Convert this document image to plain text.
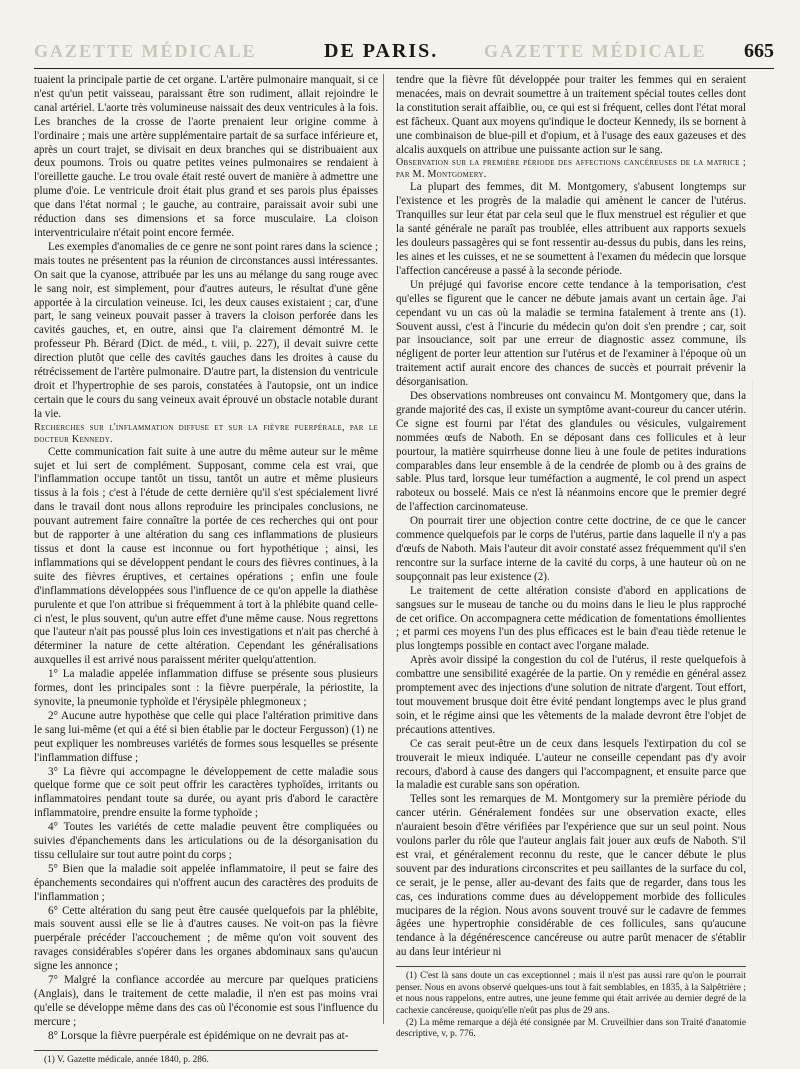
GAZETTE MÉDICALE	GAZETTE MÉDICALE
DE PARIS.	665

tuaient la principale partie de cet organe. L'artère pulmonaire manquait, si ce n'est qu'un petit vaisseau, paraissant être son rudiment, allait rejoindre le canal artériel. L'aorte très volumineuse naissait des deux ventricules à la fois. Les branches de la crosse de l'aorte prenaient leur origine comme à l'ordinaire ; mais une artère supplémentaire partait de sa surface inférieure et, après un court trajet, se divisait en deux branches qui se distribuaient aux deux poumons. Trois ou quatre petites veines pulmonaires se rendaient à l'oreillette gauche. Le trou ovale était resté ouvert de manière à admettre une plume d'oie. Le ventricule droit était plus grand et ses parois plus épaisses que dans l'état normal ; le gauche, au contraire, paraissait avoir subi une réduction dans ses dimensions et sa force musculaire. La cloison interventriculaire n'était point encore fermée.

Les exemples d'anomalies de ce genre ne sont point rares dans la science ; mais toutes ne présentent pas la réunion de circonstances aussi intéressantes. On sait que la cyanose, attribuée par les uns au mélange du sang rouge avec le sang noir, est simplement, pour d'autres auteurs, le résultat d'une gêne apportée à la circulation veineuse. Ici, les deux causes existaient ; car, d'une part, le sang veineux pouvait passer à travers la cloison perforée dans les cavités gauches, et, en outre, ainsi que l'a clairement démontré M. le professeur Ph. Bérard (Dict. de méd., t. viii, p. 227), il devait suivre cette direction plutôt que celle des cavités gauches dans les droites à cause du rétrécissement de l'artère pulmonaire. D'autre part, la distension du ventricule droit et l'hypertrophie de ses parois, constatées à l'autopsie, ont un indice certain que le cours du sang veineux avait éprouvé un obstacle notable durant la vie.

Recherches sur l'inflammation diffuse et sur la fièvre puerpérale, par le docteur Kennedy.

Cette communication fait suite à une autre du même auteur sur le même sujet et lui sert de complément. Supposant, comme cela est vrai, que l'inflammation occupe tantôt un tissu, tantôt un autre et même plusieurs tissus à la fois ; c'est à l'étude de cette dernière qu'il s'est spécialement livré dans le travail dont nous allons reproduire les principales conclusions, ne pouvant autrement faire connaître la portée de ces recherches qui ont pour but de rapporter à une altération du sang ces inflammations de plusieurs tissus et dont la cause est inconnue ou fort hypothétique ; ainsi, les inflammations qui se développent pendant le cours des fièvres continues, à la suite des fièvres éruptives, et certaines opérations ; enfin une foule d'inflammations développées sous l'influence de ce qu'on appelle la diathèse purulente et que l'on attribue si fréquemment à tort à la phlébite quand celle-ci n'est, le plus souvent, qu'un autre effet d'une même cause. Nous regrettons que l'auteur n'ait pas poussé plus loin ces investigations et n'ait pas cherché à déterminer la nature de cette altération. Cependant les généralisations auxquelles il est arrivé nous paraissent mériter quelqu'attention.

1° La maladie appelée inflammation diffuse se présente sous plusieurs formes, dont les principales sont : la fièvre puerpérale, la périostite, la synovite, la pneumonie typhoïde et l'érysipèle phlegmoneux ;

2° Aucune autre hypothèse que celle qui place l'altération primitive dans le sang lui-même (et qui a été si bien établie par le docteur Fergusson) (1) ne peut expliquer les nombreuses variétés de formes sous lesquelles se présente l'inflammation diffuse ;

3° La fièvre qui accompagne le développement de cette maladie sous quelque forme que ce soit peut offrir les caractères typhoïdes, irritants ou inflammatoires pendant toute sa durée, ou ayant pris d'abord le caractère inflammatoire, prendre ensuite la forme typhoïde ;

4° Toutes les variétés de cette maladie peuvent être compliquées ou suivies d'épanchements dans les articulations ou de la désorganisation du tissu cellulaire sur tout autre point du corps ;

5° Bien que la maladie soit appelée inflammatoire, il peut se faire des épanchements secondaires qui n'offrent aucun des caractères des produits de l'inflammation ;

6° Cette altération du sang peut être causée quelquefois par la phlébite, mais souvent aussi elle se lie à d'autres causes. Ne voit-on pas la fièvre puerpérale précéder l'accouchement ; de même qu'on voit souvent des ravages considérables s'opérer dans les organes abdominaux sans qu'aucun signe les annonce ;

7° Malgré la confiance accordée au mercure par quelques praticiens (Anglais), dans le traitement de cette maladie, il n'en est pas moins vrai qu'elle se développe même dans des cas où l'économie est sous l'influence du mercure ;

8° Lorsque la fièvre puerpérale est épidémique on ne devrait pas at-

(1) V. Gazette médicale, année 1840, p. 286.

tendre que la fièvre fût développée pour traiter les femmes qui en seraient menacées, mais on devrait soumettre à un traitement spécial toutes celles dont la constitution serait affaiblie, ou, ce qui est si fréquent, celles dont l'état moral est fâcheux. Quant aux moyens qu'indique le docteur Kennedy, ils se bornent à une combinaison de blue-pill et d'opium, et à l'usage des eaux gazeuses et des alcalis auxquels on attribue une puissante action sur le sang.

Observation sur la première période des affections cancéreuses de la matrice ; par M. Montgomery.

La plupart des femmes, dit M. Montgomery, s'abusent longtemps sur l'existence et les progrès de la maladie qui amènent le cancer de l'utérus. Tranquilles sur leur état par cela seul que le flux menstruel est régulier et que la santé générale ne paraît pas troublée, elles attribuent aux rapports sexuels les douleurs passagères qui se font ressentir au-dessus du pubis, dans les reins, les aines et les cuisses, et ne se soumettent à l'examen du médecin que lorsque l'affection cancéreuse a passé à la seconde période.

Un préjugé qui favorise encore cette tendance à la temporisation, c'est qu'elles se figurent que le cancer ne débute jamais avant un certain âge. J'ai cependant vu un cas où la maladie se termina fatalement à trente ans (1). Souvent aussi, c'est à l'incurie du médecin qu'on doit s'en prendre ; car, soit par insouciance, soit par une erreur de diagnostic assez commune, ils négligent de porter leur attention sur l'utérus et de l'examiner à l'époque où un traitement actif aurait encore des chances de succès et pourrait prévenir la désorganisation.

Des observations nombreuses ont convaincu M. Montgomery que, dans la grande majorité des cas, il existe un symptôme avant-coureur du cancer utérin. Ce signe est fourni par l'état des glandules ou vésicules, vulgairement nommées œufs de Naboth. En se déposant dans ces follicules et à leur pourtour, la matière squirrheuse donne lieu à une foule de petites indurations comparables dans leur ensemble à de la cendrée de plomb ou à des grains de sable. Plus tard, lorsque leur tuméfaction a augmenté, le col prend un aspect raboteux ou bosselé. Mais ce n'est là néanmoins encore que le premier degré de l'affection carcinomateuse.

On pourrait tirer une objection contre cette doctrine, de ce que le cancer commence quelquefois par le corps de l'utérus, partie dans laquelle il n'y a pas d'œufs de Naboth. Mais l'auteur dit avoir constaté assez fréquemment qu'il s'en rencontre sur la surface interne de la cavité du corps, à une hauteur où on ne soupçonnait pas leur existence (2).

Le traitement de cette altération consiste d'abord en applications de sangsues sur le museau de tanche ou du moins dans le lieu le plus rapproché de cet orifice. On accompagnera cette médication de fomentations émollientes ; et parmi ces moyens l'un des plus efficaces est le bain d'eau tiède retenue le plus longtemps possible en contact avec l'organe malade.

Après avoir dissipé la congestion du col de l'utérus, il reste quelquefois à combattre une sensibilité exagérée de la partie. On y remédie en général assez promptement avec des injections d'une solution de nitrate d'argent. Tout effort, tout mouvement brusque doit être évité pendant longtemps avec le plus grand soin, et le régime ainsi que les vêtements de la malade devront être l'objet de précautions attentives.

Ce cas serait peut-être un de ceux dans lesquels l'extirpation du col se trouverait le mieux indiquée. L'auteur ne conseille cependant pas d'y avoir recours, d'abord à cause des dangers qui l'accompagnent, et ensuite parce que la maladie est curable sans son opération.

Telles sont les remarques de M. Montgomery sur la première période du cancer utérin. Généralement fondées sur une observation exacte, elles n'auraient besoin d'être vérifiées par l'expérience que sur un seul point. Nous voulons parler du rôle que l'auteur anglais fait jouer aux œufs de Naboth. S'il est vrai, et généralement reconnu du reste, que le cancer débute le plus souvent par des indurations circonscrites et peu saillantes de la surface du col, ce serait, je le pense, aller au-devant des faits que de regarder, dans tous les cas, ces indurations comme dues au développement morbide des follicules mucipares de la région. Nous avons souvent trouvé sur le cadavre de femmes âgées une hypertrophie considérable de ces follicules, sans qu'aucune tendance à la dégénérescence cancéreuse ou autre parût menacer de s'établir au dans leur intérieur ni

(1) C'est là sans doute un cas exceptionnel ; mais il n'est pas aussi rare qu'on le pourrait penser. Nous en avons observé quelques-uns tout à fait semblables, en 1835, à la Salpêtrière ; et nous nous rappelons, entre autres, une jeune femme qui était arrivée au dernier degré de la cachexie cancéreuse, quoiqu'elle n'eût pas plus de 29 ans.

(2) La même remarque a déjà été consignée par M. Cruveilhier dans son Traité d'anatomie descriptive, v, p. 776.
